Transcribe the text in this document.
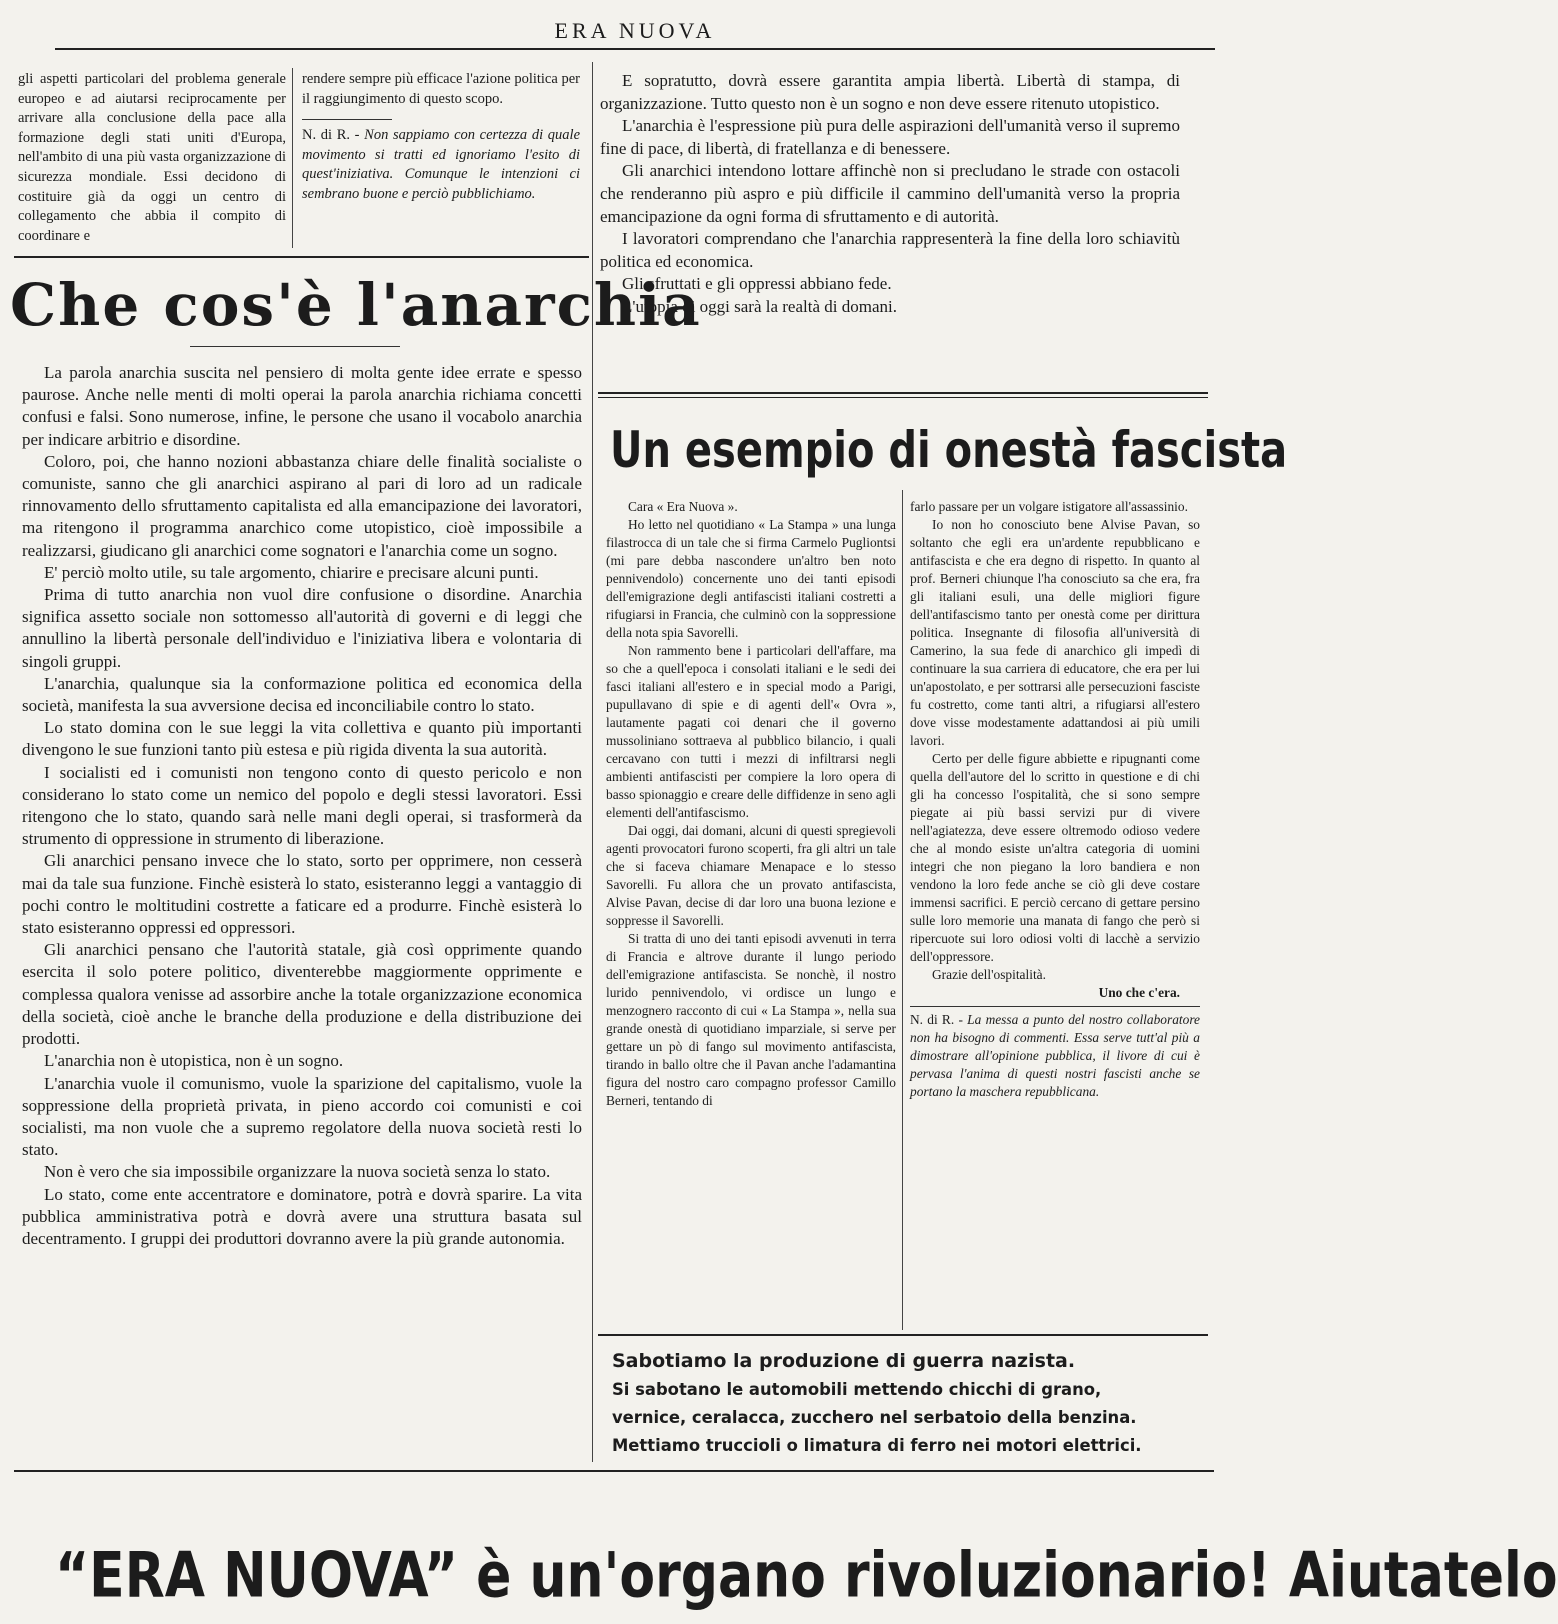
ERA NUOVA

gli aspetti particolari del problema generale europeo e ad aiutarsi reciprocamente per arrivare alla conclusione della pace alla formazione degli stati uniti d'Europa, nell'ambito di una più vasta organizzazione di sicurezza mondiale. Essi decidono di costituire già da oggi un centro di collegamento che abbia il compito di coordinare e

rendere sempre più efficace l'azione politica per il raggiungimento di questo scopo.

N. di R. - Non sappiamo con certezza di quale movimento si tratti ed ignoriamo l'esito di quest'iniziativa. Comunque le intenzioni ci sembrano buone e perciò pubblichiamo.

Che cos'è l'anarchia

La parola anarchia suscita nel pensiero di molta gente idee errate e spesso paurose. Anche nelle menti di molti operai la parola anarchia richiama concetti confusi e falsi. Sono numerose, infine, le persone che usano il vocabolo anarchia per indicare arbitrio e disordine.

Coloro, poi, che hanno nozioni abbastanza chiare delle finalità socialiste o comuniste, sanno che gli anarchici aspirano al pari di loro ad un radicale rinnovamento dello sfruttamento capitalista ed alla emancipazione dei lavoratori, ma ritengono il programma anarchico come utopistico, cioè impossibile a realizzarsi, giudicano gli anarchici come sognatori e l'anarchia come un sogno.

E' perciò molto utile, su tale argomento, chiarire e precisare alcuni punti.

Prima di tutto anarchia non vuol dire confusione o disordine. Anarchia significa assetto sociale non sottomesso all'autorità di governi e di leggi che annullino la libertà personale dell'individuo e l'iniziativa libera e volontaria di singoli gruppi.

L'anarchia, qualunque sia la conformazione politica ed economica della società, manifesta la sua avversione decisa ed inconciliabile contro lo stato.

Lo stato domina con le sue leggi la vita collettiva e quanto più importanti divengono le sue funzioni tanto più estesa e più rigida diventa la sua autorità.

I socialisti ed i comunisti non tengono conto di questo pericolo e non considerano lo stato come un nemico del popolo e degli stessi lavoratori. Essi ritengono che lo stato, quando sarà nelle mani degli operai, si trasformerà da strumento di oppressione in strumento di liberazione.

Gli anarchici pensano invece che lo stato, sorto per opprimere, non cesserà mai da tale sua funzione. Finchè esisterà lo stato, esisteranno leggi a vantaggio di pochi contro le moltitudini costrette a faticare ed a produrre. Finchè esisterà lo stato esisteranno oppressi ed oppressori.

Gli anarchici pensano che l'autorità statale, già così opprimente quando esercita il solo potere politico, diventerebbe maggiormente opprimente e complessa qualora venisse ad assorbire anche la totale organizzazione economica della società, cioè anche le branche della produzione e della distribuzione dei prodotti.

L'anarchia non è utopistica, non è un sogno.

L'anarchia vuole il comunismo, vuole la sparizione del capitalismo, vuole la soppressione della proprietà privata, in pieno accordo coi comunisti e coi socialisti, ma non vuole che a supremo regolatore della nuova società resti lo stato.

Non è vero che sia impossibile organizzare la nuova società senza lo stato.

Lo stato, come ente accentratore e dominatore, potrà e dovrà sparire. La vita pubblica amministrativa potrà e dovrà avere una struttura basata sul decentramento. I gruppi dei produttori dovranno avere la più grande autonomia.

E sopratutto, dovrà essere garantita ampia libertà. Libertà di stampa, di organizzazione. Tutto questo non è un sogno e non deve essere ritenuto utopistico.

L'anarchia è l'espressione più pura delle aspirazioni dell'umanità verso il supremo fine di pace, di libertà, di fratellanza e di benessere.

Gli anarchici intendono lottare affinchè non si precludano le strade con ostacoli che renderanno più aspro e più difficile il cammino dell'umanità verso la propria emancipazione da ogni forma di sfruttamento e di autorità.

I lavoratori comprendano che l'anarchia rappresenterà la fine della loro schiavitù politica ed economica.

Gli sfruttati e gli oppressi abbiano fede.

L'utopia di oggi sarà la realtà di domani.

Un esempio di onestà fascista

Cara « Era Nuova ».

Ho letto nel quotidiano « La Stampa » una lunga filastrocca di un tale che si firma Carmelo Pugliontsi (mi pare debba nascondere un'altro ben noto pennivendolo) concernente uno dei tanti episodi dell'emigrazione degli antifascisti italiani costretti a rifugiarsi in Francia, che culminò con la soppressione della nota spia Savorelli.

Non rammento bene i particolari dell'affare, ma so che a quell'epoca i consolati italiani e le sedi dei fasci italiani all'estero e in special modo a Parigi, pupullavano di spie e di agenti dell'« Ovra », lautamente pagati coi denari che il governo mussoliniano sottraeva al pubblico bilancio, i quali cercavano con tutti i mezzi di infiltrarsi negli ambienti antifascisti per compiere la loro opera di basso spionaggio e creare delle diffidenze in seno agli elementi dell'antifascismo.

Dai oggi, dai domani, alcuni di questi spregievoli agenti provocatori furono scoperti, fra gli altri un tale che si faceva chiamare Menapace e lo stesso Savorelli. Fu allora che un provato antifascista, Alvise Pavan, decise di dar loro una buona lezione e soppresse il Savorelli.

Si tratta di uno dei tanti episodi avvenuti in terra di Francia e altrove durante il lungo periodo dell'emigrazione antifascista. Se nonchè, il nostro lurido pennivendolo, vi ordisce un lungo e menzognero racconto di cui « La Stampa », nella sua grande onestà di quotidiano imparziale, si serve per gettare un pò di fango sul movimento antifascista, tirando in ballo oltre che il Pavan anche l'adamantina figura del nostro caro compagno professor Camillo Berneri, tentando di

farlo passare per un volgare istigatore all'assassinio.

Io non ho conosciuto bene Alvise Pavan, so soltanto che egli era un'ardente repubblicano e antifascista e che era degno di rispetto. In quanto al prof. Berneri chiunque l'ha conosciuto sa che era, fra gli italiani esuli, una delle migliori figure dell'antifascismo tanto per onestà come per dirittura politica. Insegnante di filosofia all'università di Camerino, la sua fede di anarchico gli impedì di continuare la sua carriera di educatore, che era per lui un'apostolato, e per sottrarsi alle persecuzioni fasciste fu costretto, come tanti altri, a rifugiarsi all'estero dove visse modestamente adattandosi ai più umili lavori.

Certo per delle figure abbiette e ripugnanti come quella dell'autore del lo scritto in questione e di chi gli ha concesso l'ospitalità, che si sono sempre piegate ai più bassi servizi pur di vivere nell'agiatezza, deve essere oltremodo odioso vedere che al mondo esiste un'altra categoria di uomini integri che non piegano la loro bandiera e non vendono la loro fede anche se ciò gli deve costare immensi sacrifici. E perciò cercano di gettare persino sulle loro memorie una manata di fango che però si ripercuote sui loro odiosi volti di lacchè a servizio dell'oppressore.

Grazie dell'ospitalità.

Uno che c'era.

N. di R. - La messa a punto del nostro collaboratore non ha bisogno di commenti. Essa serve tutt'al più a dimostrare all'opinione pubblica, il livore di cui è pervasa l'anima di questi nostri fascisti anche se portano la maschera repubblicana.

Sabotiamo la produzione di guerra nazista.
Si sabotano le automobili mettendo chicchi di grano,
vernice, ceralacca, zucchero nel serbatoio della benzina.
Mettiamo truccioli o limatura di ferro nei motori elettrici.
“ERA NUOVA” è un'organo rivoluzionario! Aiutatelo
